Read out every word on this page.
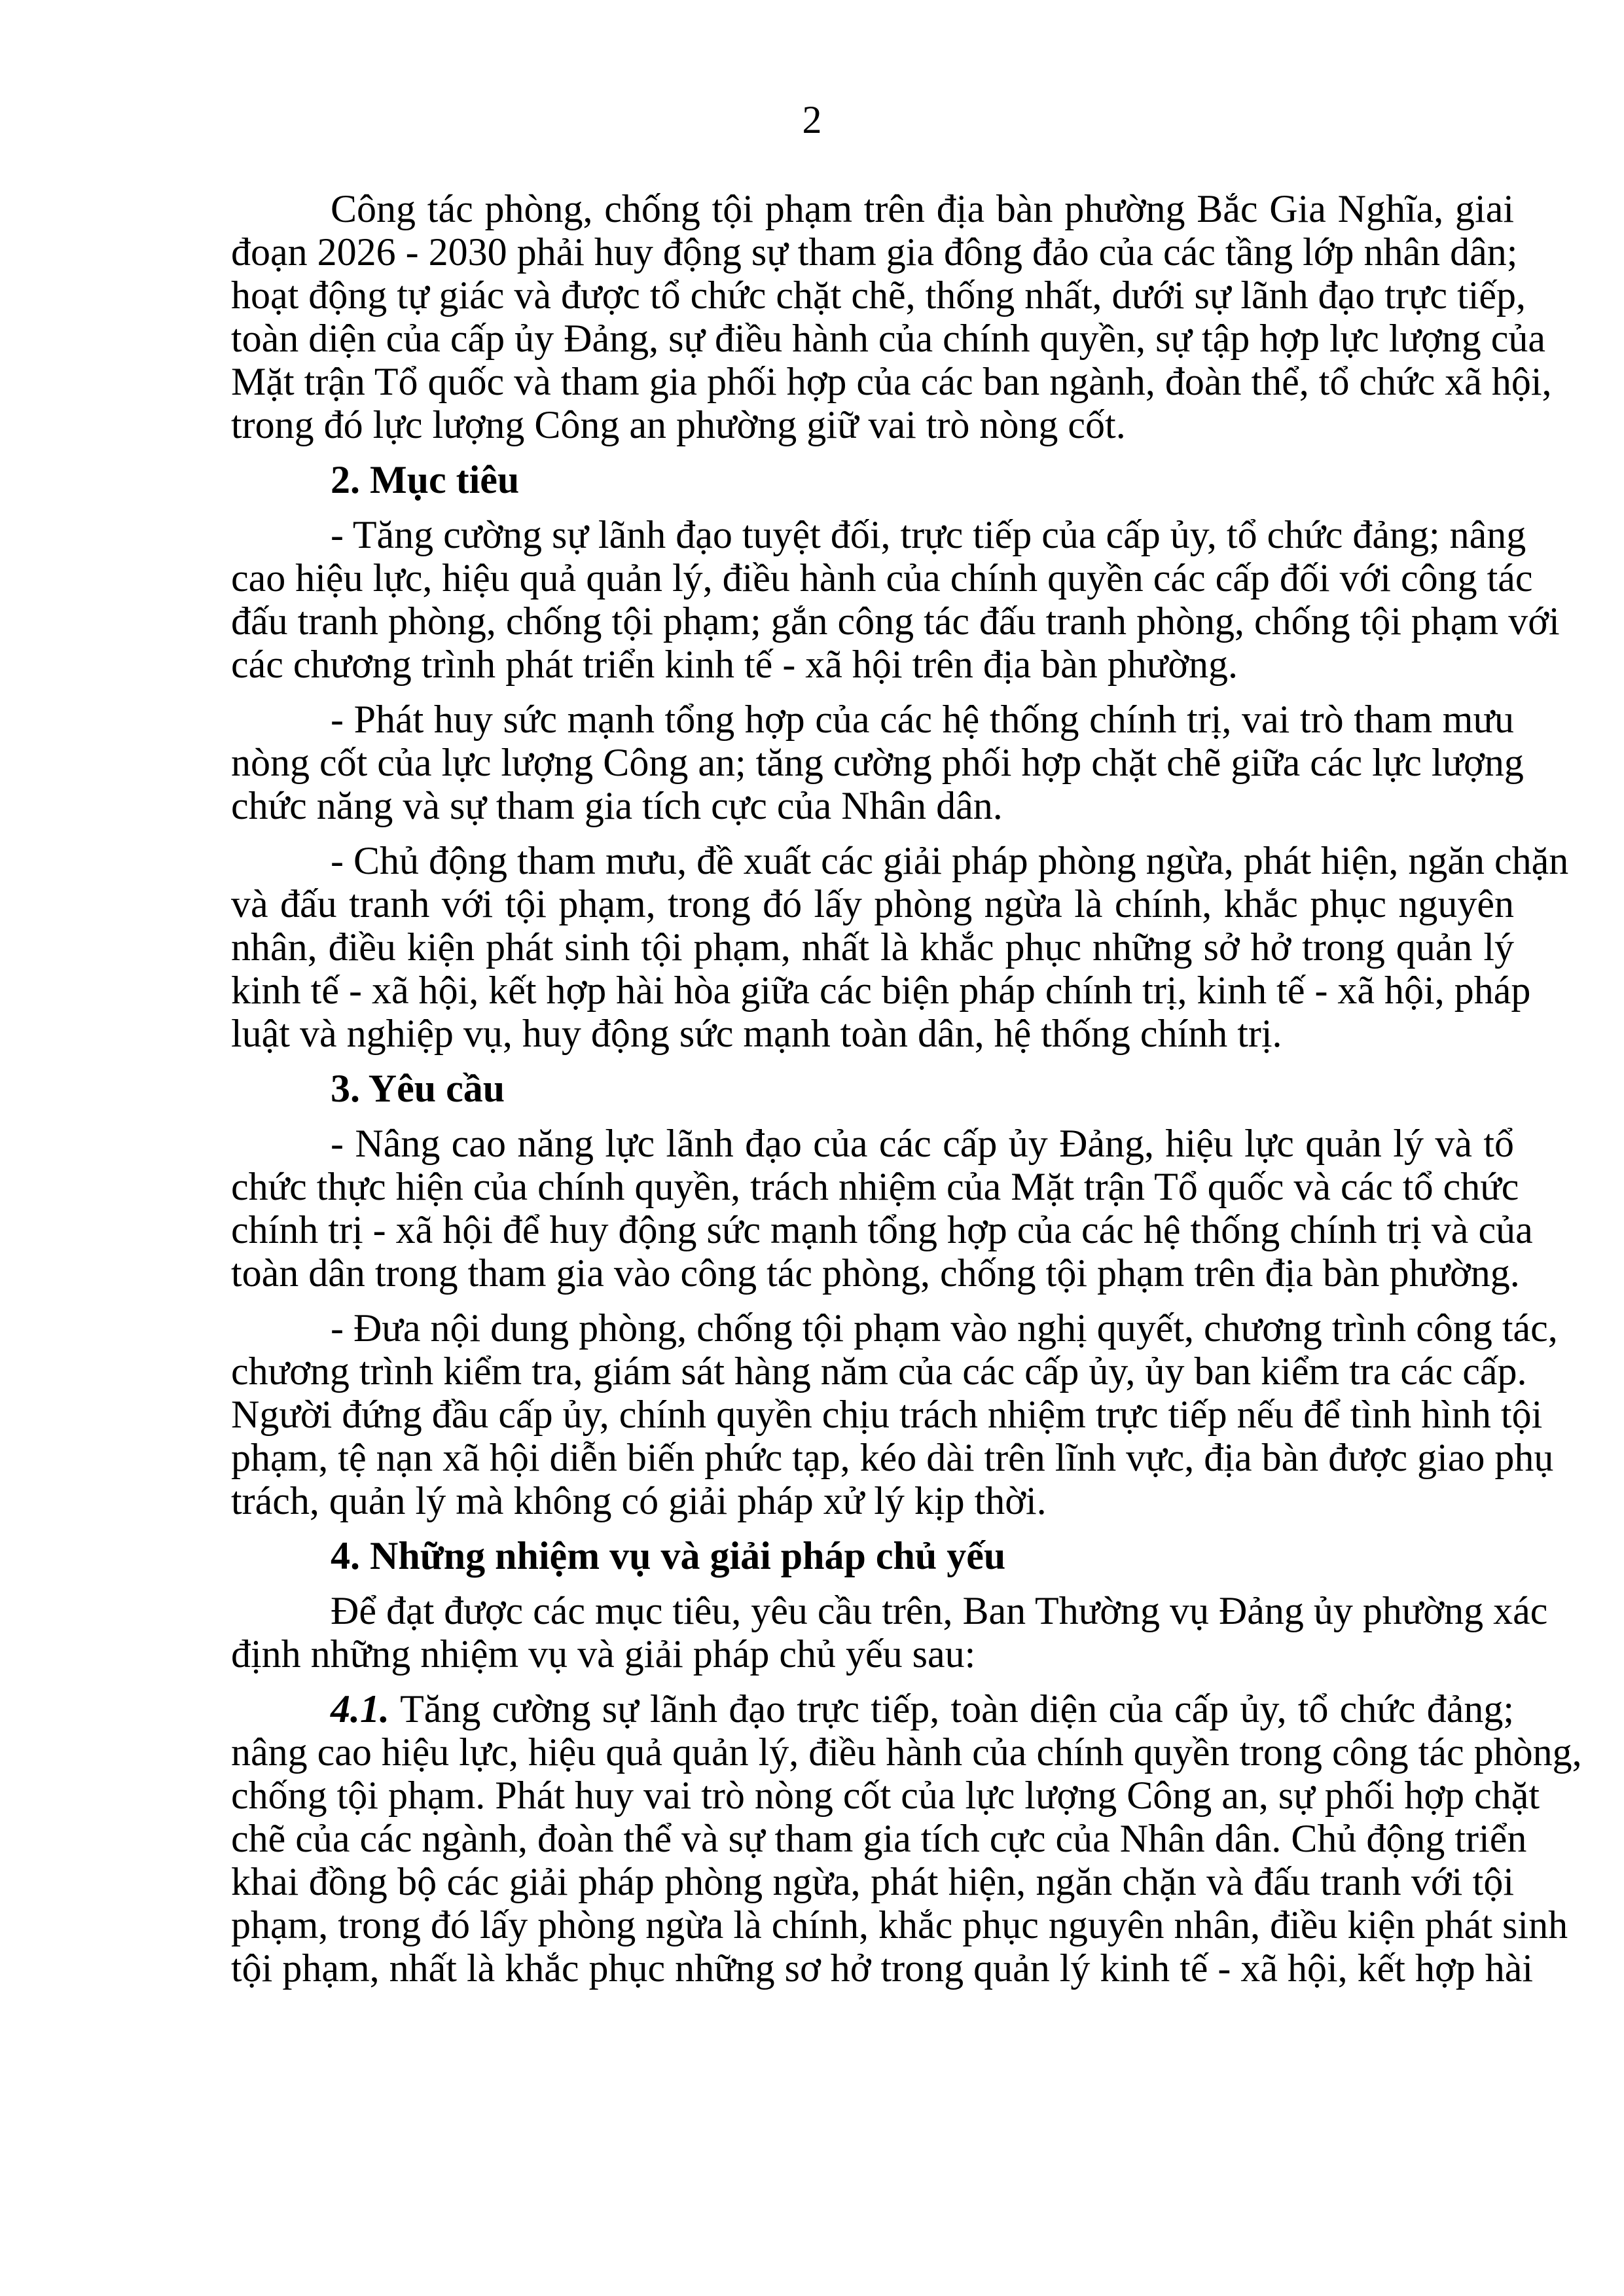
2
Công tác phòng, chống tội phạm trên địa bàn phường Bắc Gia Nghĩa, giai
đoạn 2026 - 2030 phải huy động sự tham gia đông đảo của các tầng lớp nhân dân;
hoạt động tự giác và được tổ chức chặt chẽ, thống nhất, dưới sự lãnh đạo trực tiếp,
toàn diện của cấp ủy Đảng, sự điều hành của chính quyền, sự tập hợp lực lượng của
Mặt trận Tổ quốc và tham gia phối hợp của các ban ngành, đoàn thể, tổ chức xã hội,
trong đó lực lượng Công an phường giữ vai trò nòng cốt.
2. Mục tiêu
- Tăng cường sự lãnh đạo tuyệt đối, trực tiếp của cấp ủy, tổ chức đảng; nâng
cao hiệu lực, hiệu quả quản lý, điều hành của chính quyền các cấp đối với công tác
đấu tranh phòng, chống tội phạm; gắn công tác đấu tranh phòng, chống tội phạm với
các chương trình phát triển kinh tế - xã hội trên địa bàn phường.
- Phát huy sức mạnh tổng hợp của các hệ thống chính trị, vai trò tham mưu
nòng cốt của lực lượng Công an; tăng cường phối hợp chặt chẽ giữa các lực lượng
chức năng và sự tham gia tích cực của Nhân dân.
- Chủ động tham mưu, đề xuất các giải pháp phòng ngừa, phát hiện, ngăn chặn
và đấu tranh với tội phạm, trong đó lấy phòng ngừa là chính, khắc phục nguyên
nhân, điều kiện phát sinh tội phạm, nhất là khắc phục những sở hở trong quản lý
kinh tế - xã hội, kết hợp hài hòa giữa các biện pháp chính trị, kinh tế - xã hội, pháp
luật và nghiệp vụ, huy động sức mạnh toàn dân, hệ thống chính trị.
3. Yêu cầu
- Nâng cao năng lực lãnh đạo của các cấp ủy Đảng, hiệu lực quản lý và tổ
chức thực hiện của chính quyền, trách nhiệm của Mặt trận Tổ quốc và các tổ chức
chính trị - xã hội để huy động sức mạnh tổng hợp của các hệ thống chính trị và của
toàn dân trong tham gia vào công tác phòng, chống tội phạm trên địa bàn phường.
- Đưa nội dung phòng, chống tội phạm vào nghị quyết, chương trình công tác,
chương trình kiểm tra, giám sát hàng năm của các cấp ủy, ủy ban kiểm tra các cấp.
Người đứng đầu cấp ủy, chính quyền chịu trách nhiệm trực tiếp nếu để tình hình tội
phạm, tệ nạn xã hội diễn biến phức tạp, kéo dài trên lĩnh vực, địa bàn được giao phụ
trách, quản lý mà không có giải pháp xử lý kịp thời.
4. Những nhiệm vụ và giải pháp chủ yếu
Để đạt được các mục tiêu, yêu cầu trên, Ban Thường vụ Đảng ủy phường xác
định những nhiệm vụ và giải pháp chủ yếu sau:
4.1. Tăng cường sự lãnh đạo trực tiếp, toàn diện của cấp ủy, tổ chức đảng;
nâng cao hiệu lực, hiệu quả quản lý, điều hành của chính quyền trong công tác phòng,
chống tội phạm. Phát huy vai trò nòng cốt của lực lượng Công an, sự phối hợp chặt
chẽ của các ngành, đoàn thể và sự tham gia tích cực của Nhân dân. Chủ động triển
khai đồng bộ các giải pháp phòng ngừa, phát hiện, ngăn chặn và đấu tranh với tội
phạm, trong đó lấy phòng ngừa là chính, khắc phục nguyên nhân, điều kiện phát sinh
tội phạm, nhất là khắc phục những sơ hở trong quản lý kinh tế - xã hội, kết hợp hài
